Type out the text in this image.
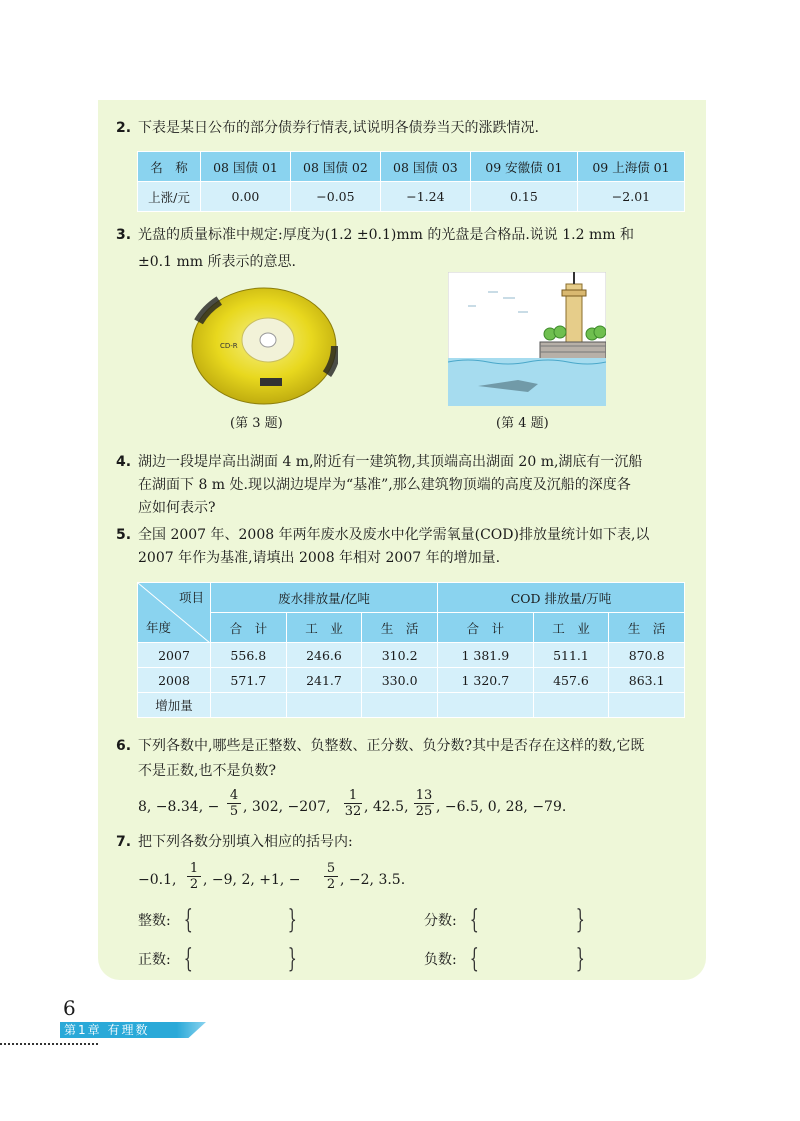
2. 下表是某日公布的部分债券行情表,试说明各债券当天的涨跌情况.
名　称	08 国债 01	08 国债 02	08 国债 03	09 安徽债 01	09 上海债 01
上涨/元	0.00	−0.05	−1.24	0.15	−2.01
3. 光盘的质量标准中规定:厚度为(1.2 ±0.1)mm 的光盘是合格品.说说 1.2 mm 和
±0.1 mm 所表示的意思.
CD-R
(第 3 题)	(第 4 题)
4. 湖边一段堤岸高出湖面 4 m,附近有一建筑物,其顶端高出湖面 20 m,湖底有一沉船
在湖面下 8 m 处.现以湖边堤岸为“基准”,那么建筑物顶端的高度及沉船的深度各
应如何表示?
5. 全国 2007 年、2008 年两年废水及废水中化学需氧量(COD)排放量统计如下表,以
2007 年作为基准,请填出 2008 年相对 2007 年的增加量.
项目
年度	废水排放量/亿吨			COD 排放量/万吨		
	合　计	工　业	生　活	合　计	工　业	生　活
2007	556.8	246.6	310.2	1 381.9	511.1	870.8
2008	571.7	241.7	330.0	1 320.7	457.6	863.1
增加量						
6. 下列各数中,哪些是正整数、负整数、正分数、负分数?其中是否存在这样的数,它既
不是正数,也不是负数?
8, −8.34, − $\frac{4}{5}$ , 302, −207, $\frac{1}{32}$ , 42.5, $\frac{13}{25}$ , −6.5, 0, 28, −79.
7. 把下列各数分别填入相应的括号内:
−0.1, $\frac{1}{2}$ , −9, 2, +1, − $\frac{5}{2}$ , −2, 3.5.
整数: {	}	分数: {	}
正数: {	}	负数: {	}
6
第1章 有理数
